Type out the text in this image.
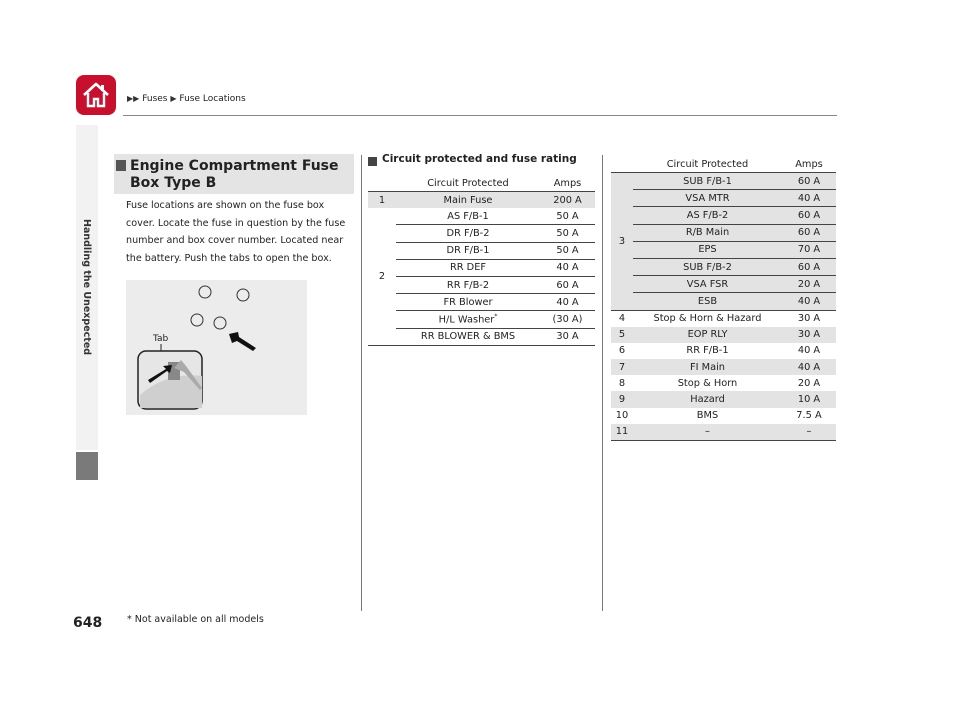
▶▶ Fuses ▶ Fuse Locations
Handling the Unexpected
Engine Compartment Fuse
Box Type B
Fuse locations are shown on the fuse box cover. Locate the fuse in question by the fuse number and box cover number. Located near the battery. Push the tabs to open the box.
Tab
Circuit protected and fuse rating
	Circuit Protected	Amps
1	Main Fuse	200 A
2	AS F/B-1	50 A
	DR F/B-2	50 A
	DR F/B-1	50 A
	RR DEF	40 A
	RR F/B-2	60 A
	FR Blower	40 A
	H/L Washer*	(30 A)
	RR BLOWER & BMS	30 A
	Circuit Protected	Amps
3	SUB F/B-1	60 A
	VSA MTR	40 A
	AS F/B-2	60 A
	R/B Main	60 A
	EPS	70 A
	SUB F/B-2	60 A
	VSA FSR	20 A
	ESB	40 A
4	Stop & Horn & Hazard	30 A
5	EOP RLY	30 A
6	RR F/B-1	40 A
7	FI Main	40 A
8	Stop & Horn	20 A
9	Hazard	10 A
10	BMS	7.5 A
11	–	–
648	* Not available on all models
